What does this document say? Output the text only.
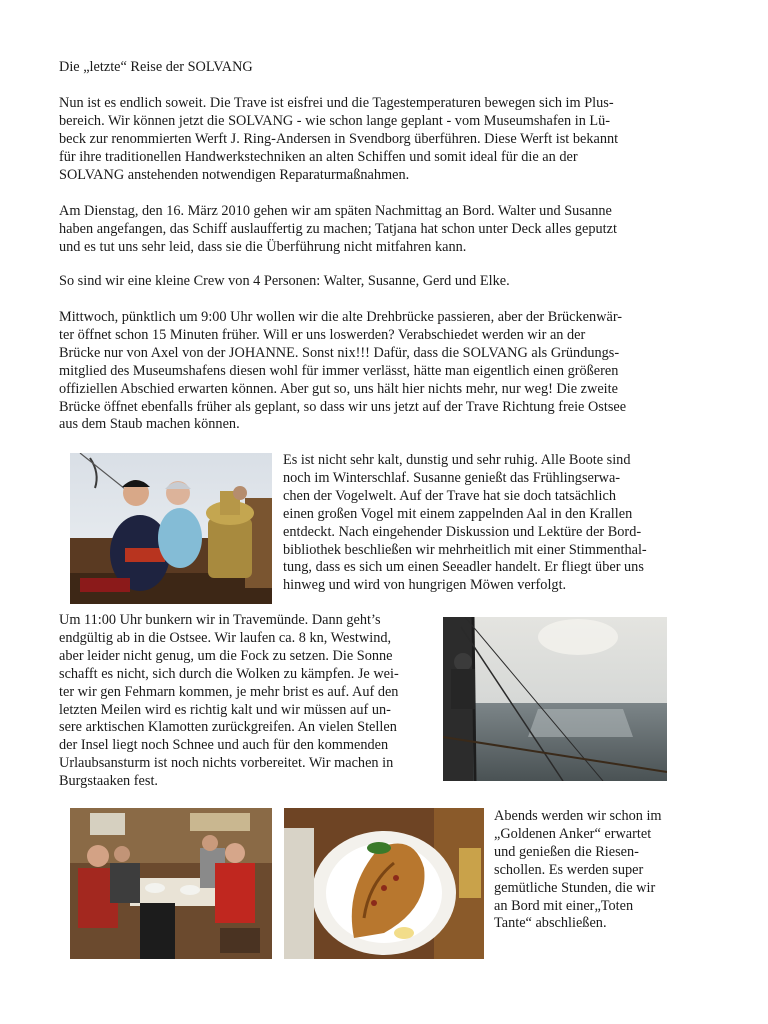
Die „letzte“ Reise der SOLVANG

Nun ist es endlich soweit. Die Trave ist eisfrei und die Tagestemperaturen bewegen sich im Plus-
bereich. Wir können jetzt die SOLVANG - wie schon lange geplant - vom Museumshafen in Lü-
beck zur renommierten Werft J. Ring-Andersen in Svendborg überführen. Diese Werft ist bekannt
für ihre traditionellen Handwerkstechniken an alten Schiffen und somit ideal für die an der
SOLVANG anstehenden notwendigen Reparaturmaßnahmen.

Am Dienstag, den 16. März 2010 gehen wir am späten Nachmittag an Bord. Walter und Susanne
haben angefangen, das Schiff auslauffertig zu machen; Tatjana hat schon unter Deck alles geputzt
und es tut uns sehr leid, dass sie die Überführung nicht mitfahren kann.

So sind wir eine kleine Crew von 4 Personen: Walter, Susanne, Gerd und Elke.

Mittwoch, pünktlich um 9:00 Uhr wollen wir die alte Drehbrücke passieren, aber der Brückenwär-
ter öffnet schon 15 Minuten früher. Will er uns loswerden? Verabschiedet werden wir an der
Brücke nur von Axel von der JOHANNE. Sonst nix!!! Dafür, dass die SOLVANG als Gründungs-
mitglied des Museumshafens diesen wohl für immer verlässt, hätte man eigentlich einen größeren
offiziellen Abschied erwarten können. Aber gut so, uns hält hier nichts mehr, nur weg! Die zweite
Brücke öffnet ebenfalls früher als geplant, so dass wir uns jetzt auf der Trave Richtung freie Ostsee
aus dem Staub machen können.

Es ist nicht sehr kalt, dunstig und sehr ruhig. Alle Boote sind
noch im Winterschlaf. Susanne genießt das Frühlingserwa-
chen der Vogelwelt. Auf der Trave hat sie doch tatsächlich
einen großen Vogel mit einem zappelnden Aal in den Krallen
entdeckt. Nach eingehender Diskussion und Lektüre der Bord-
bibliothek beschließen wir mehrheitlich mit einer Stimmenthal-
tung, dass es sich um einen Seeadler handelt. Er fliegt über uns
hinweg und wird von hungrigen Möwen verfolgt.

Um 11:00 Uhr bunkern wir in Travemünde. Dann geht’s
endgültig ab in die Ostsee. Wir laufen ca. 8 kn, Westwind,
aber leider nicht genug, um die Fock zu setzen. Die Sonne
schafft es nicht, sich durch die Wolken zu kämpfen. Je wei-
ter wir gen Fehmarn kommen, je mehr brist es auf. Auf den
letzten Meilen wird es richtig kalt und wir müssen auf un-
sere arktischen Klamotten zurückgreifen. An vielen Stellen
der Insel liegt noch Schnee und auch für den kommenden
Urlaubsansturm ist noch nichts vorbereitet. Wir machen in
Burgstaaken fest.

Abends werden wir schon im
„Goldenen Anker“ erwartet
und genießen die Riesen-
schollen. Es werden super
gemütliche Stunden, die wir
an Bord mit einer„Toten
Tante“ abschließen.
